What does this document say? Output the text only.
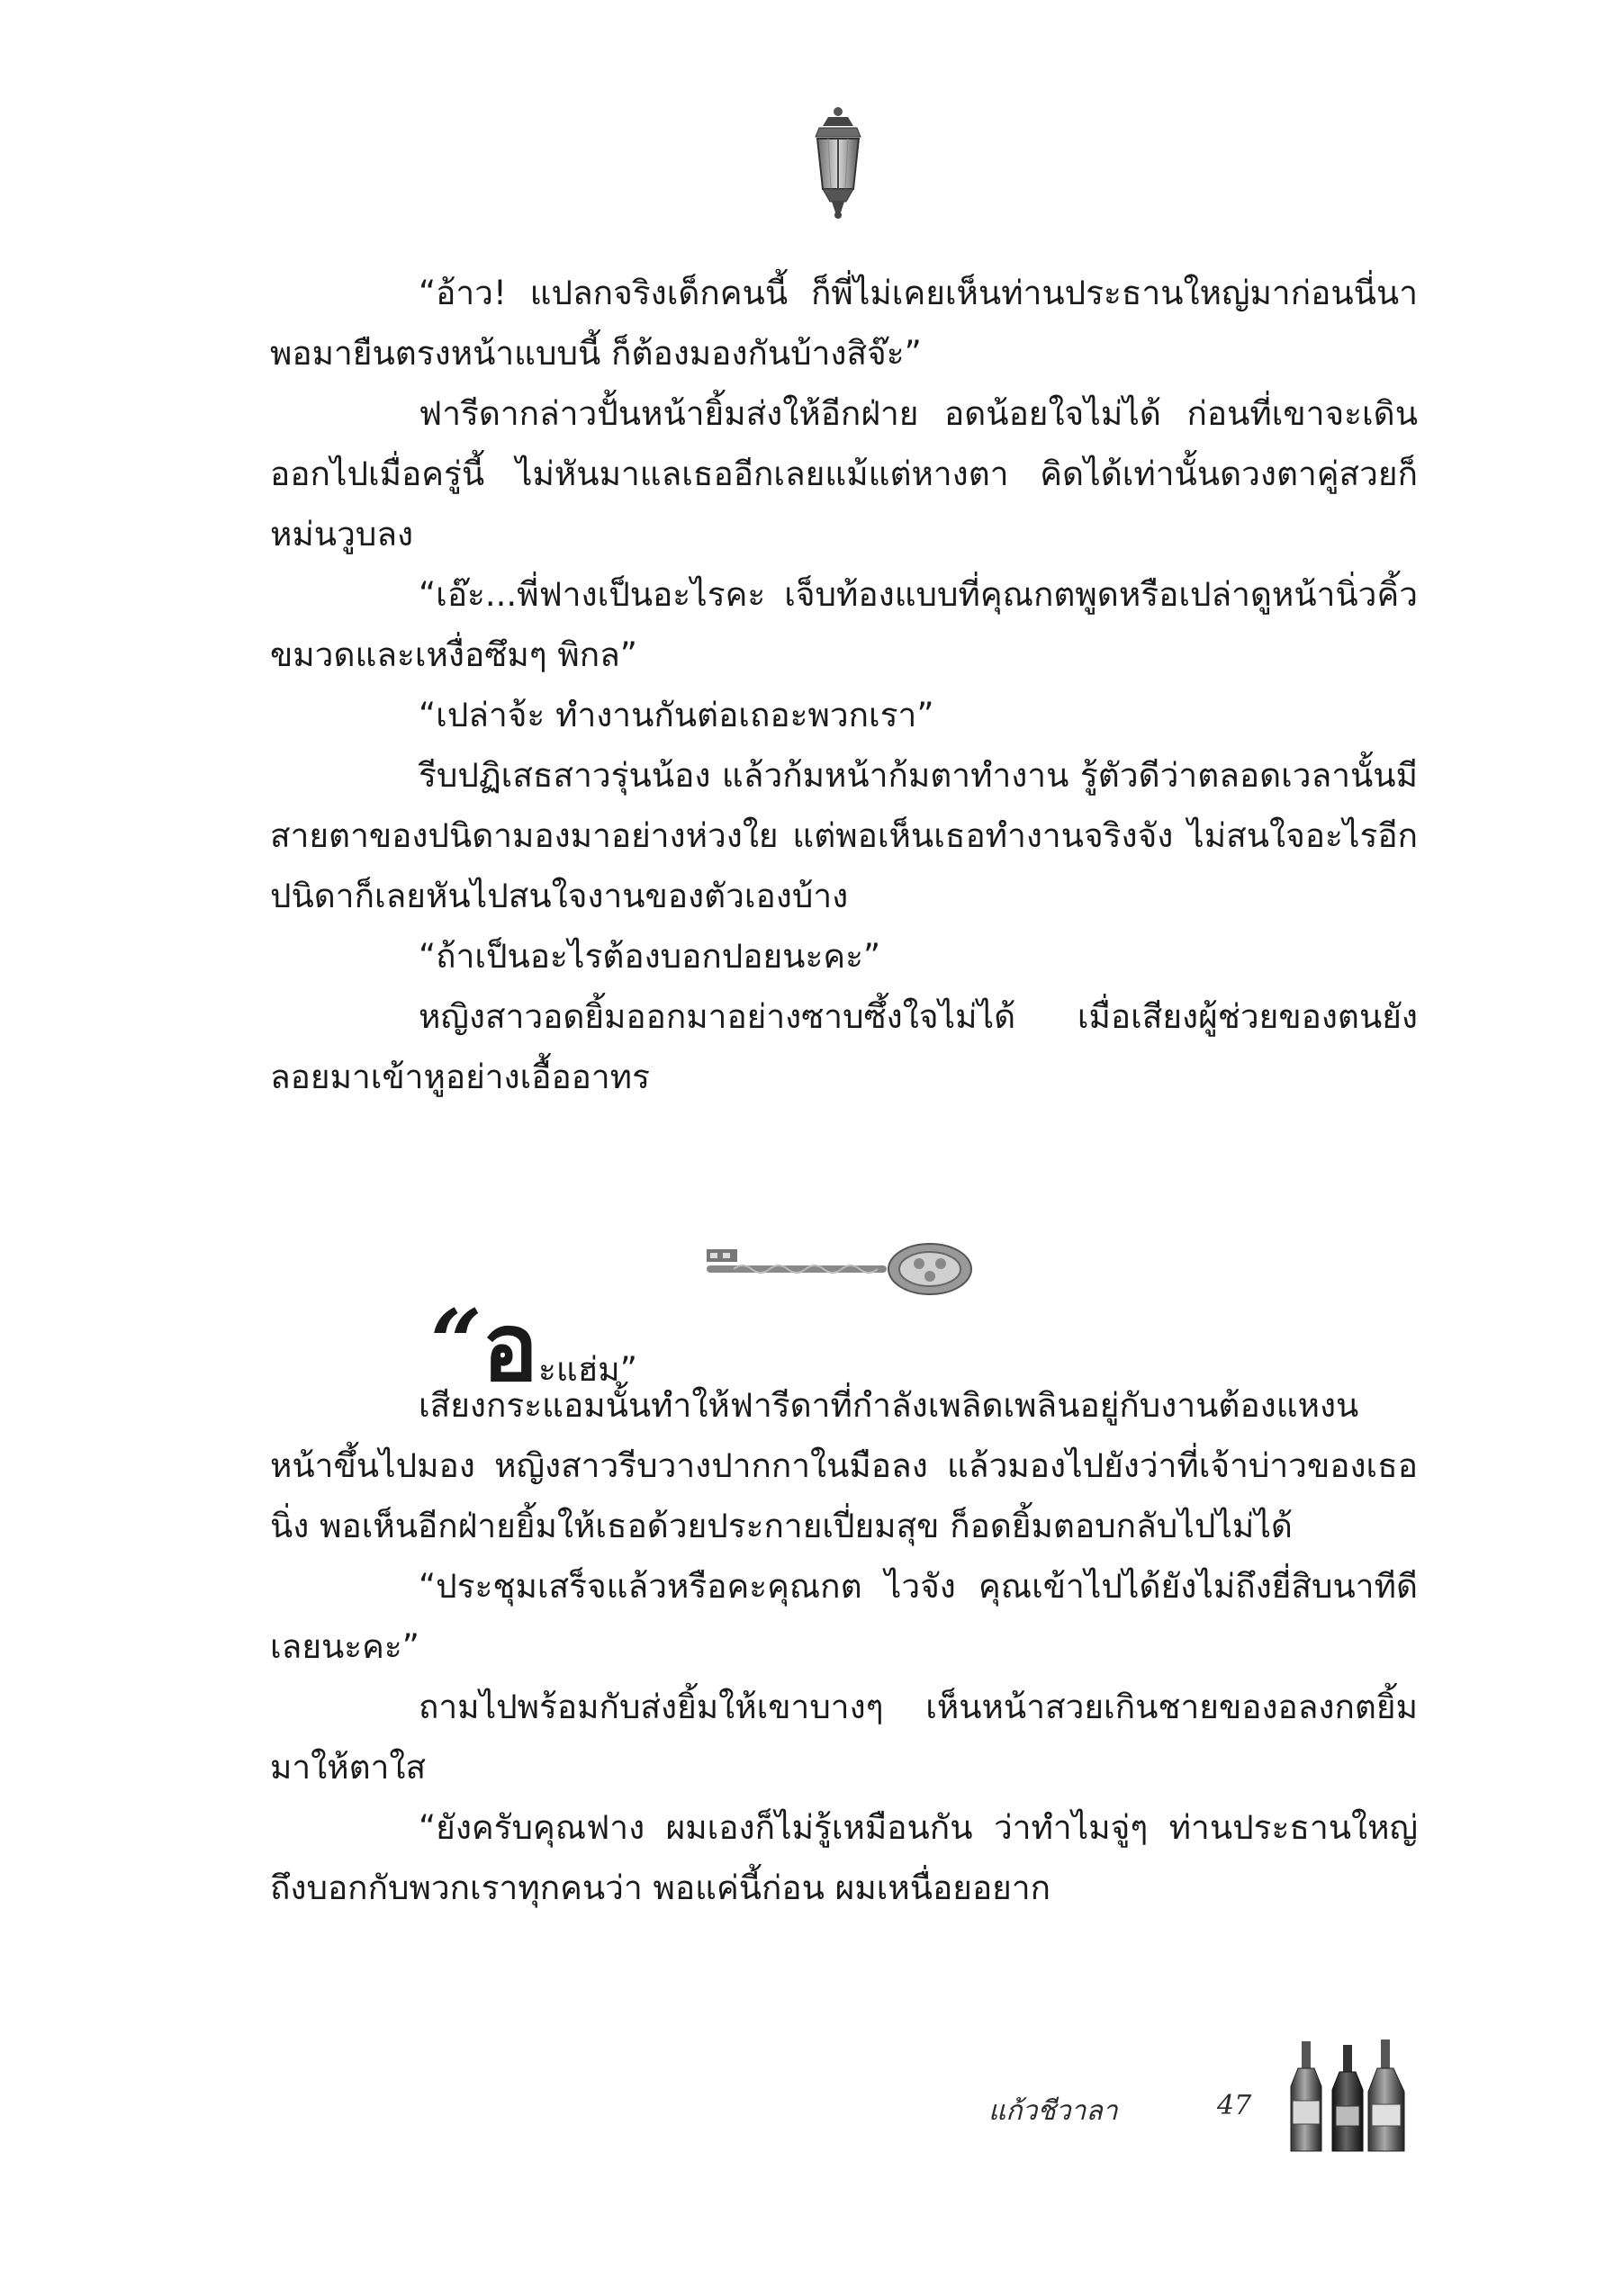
“อ้าว! แปลกจริงเด็กคนนี้ ก็พี่ไม่เคยเห็นท่านประธานใหญ่มาก่อนนี่นา พอมายืนตรงหน้าแบบนี้ ก็ต้องมองกันบ้างสิจ๊ะ”

ฟารีดากล่าวปั้นหน้ายิ้มส่งให้อีกฝ่าย อดน้อยใจไม่ได้ ก่อนที่เขาจะเดินออกไปเมื่อครู่นี้ ไม่หันมาแลเธออีกเลยแม้แต่หางตา คิดได้เท่านั้นดวงตาคู่สวยก็หม่นวูบลง

“เอ๊ะ...พี่ฟางเป็นอะไรคะ เจ็บท้องแบบที่คุณกตพูดหรือเปล่าดูหน้านิ่วคิ้วขมวดและเหงื่อซึมๆ พิกล”

“เปล่าจ้ะ ทำงานกันต่อเถอะพวกเรา”

รีบปฏิเสธสาวรุ่นน้อง แล้วก้มหน้าก้มตาทำงาน รู้ตัวดีว่าตลอดเวลานั้นมีสายตาของปนิดามองมาอย่างห่วงใย แต่พอเห็นเธอทำงานจริงจัง ไม่สนใจอะไรอีก ปนิดาก็เลยหันไปสนใจงานของตัวเองบ้าง

“ถ้าเป็นอะไรต้องบอกปอยนะคะ”

หญิงสาวอดยิ้มออกมาอย่างซาบซึ้งใจไม่ได้ เมื่อเสียงผู้ช่วยของตนยังลอยมาเข้าหูอย่างเอื้ออาทร

“อะแฮ่ม”

เสียงกระแอมนั้นทำให้ฟารีดาที่กำลังเพลิดเพลินอยู่กับงานต้องแหงนหน้าขึ้นไปมอง หญิงสาวรีบวางปากกาในมือลง แล้วมองไปยังว่าที่เจ้าบ่าวของเธอนิ่ง พอเห็นอีกฝ่ายยิ้มให้เธอด้วยประกายเปี่ยมสุข ก็อดยิ้มตอบกลับไปไม่ได้

“ประชุมเสร็จแล้วหรือคะคุณกต ไวจัง คุณเข้าไปได้ยังไม่ถึงยี่สิบนาทีดีเลยนะคะ”

ถามไปพร้อมกับส่งยิ้มให้เขาบางๆ เห็นหน้าสวยเกินชายของอลงกตยิ้มมาให้ตาใส

“ยังครับคุณฟาง ผมเองก็ไม่รู้เหมือนกัน ว่าทำไมจู่ๆ ท่านประธานใหญ่ถึงบอกกับพวกเราทุกคนว่า พอแค่นี้ก่อน ผมเหนื่อยอยาก

แก้วชีวาลา	47
